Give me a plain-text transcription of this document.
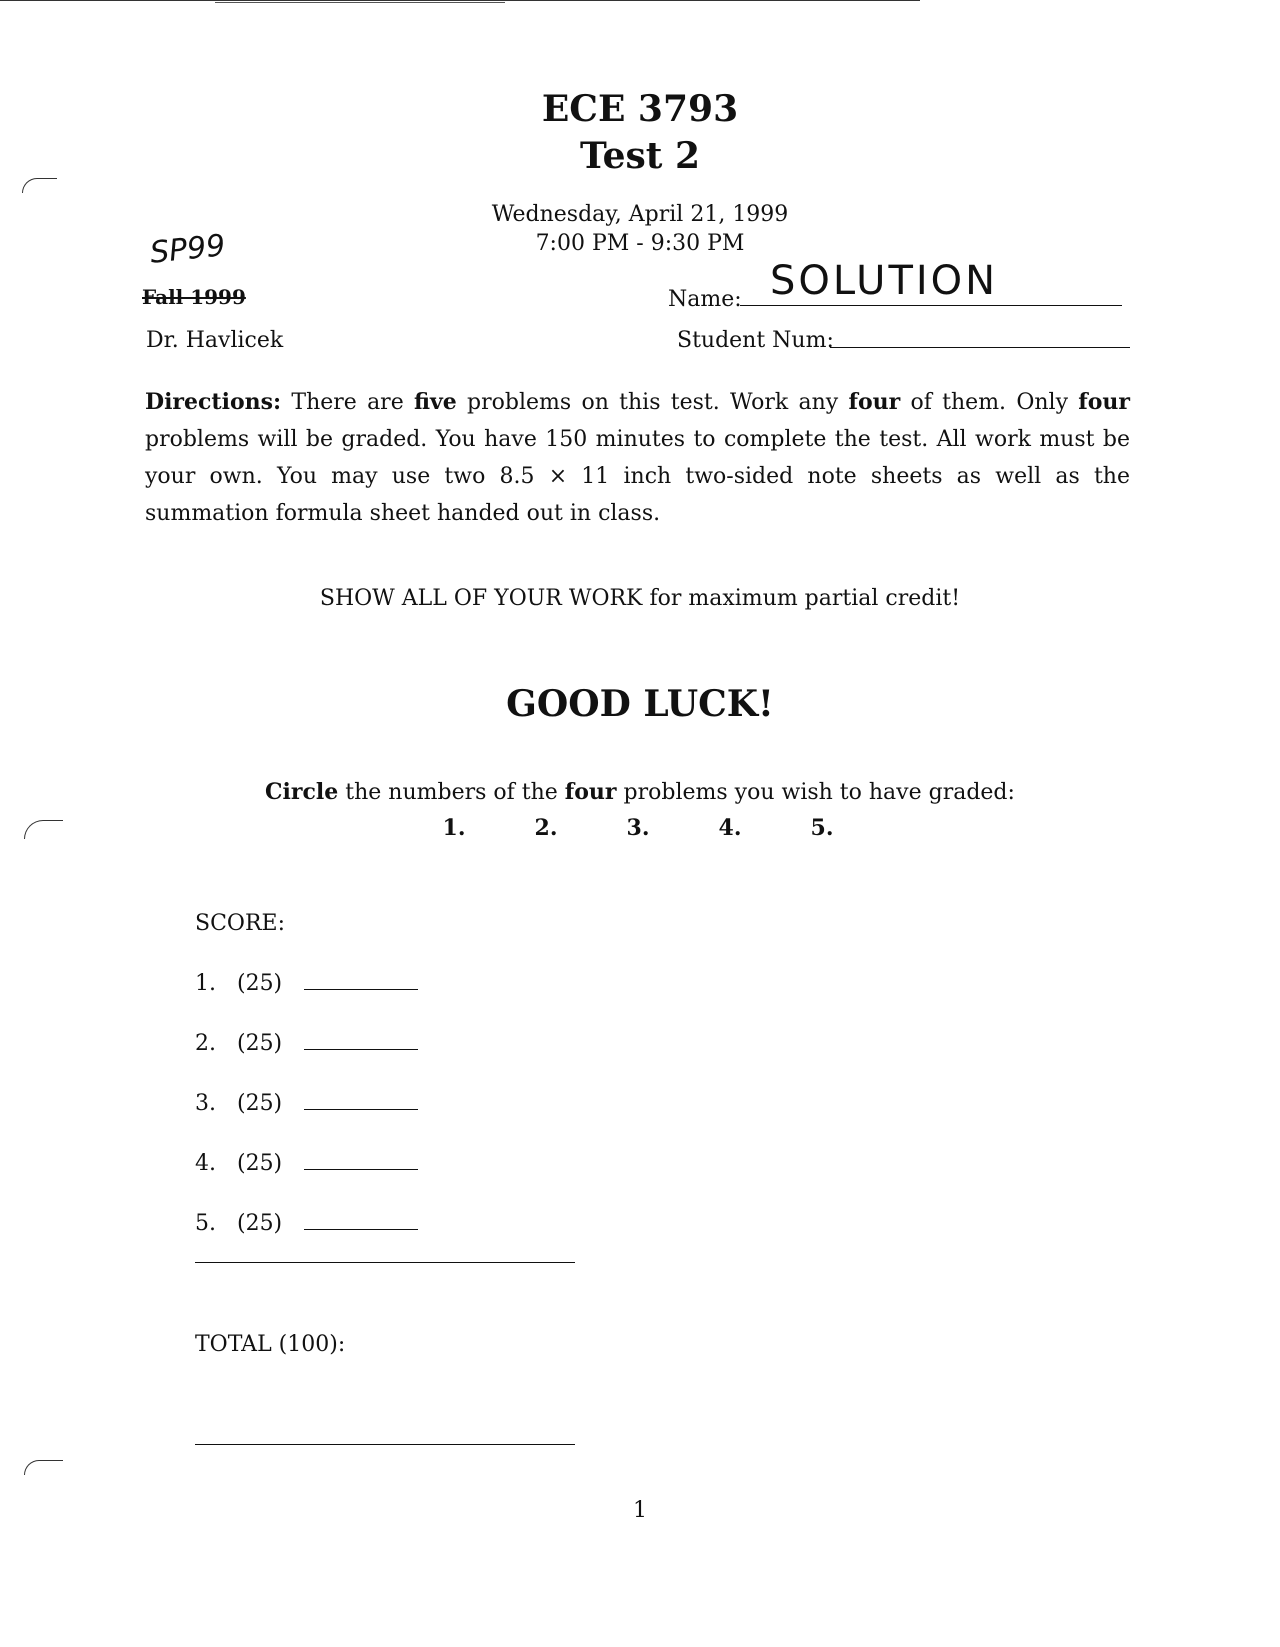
ECE 3793
Test 2
Wednesday, April 21, 1999
7:00 PM - 9:30 PM
SP99
Fall 1999
Dr. Havlicek
Name: SOLUTION
Student Num:
Directions: There are five problems on this test. Work any four of them. Only four problems will be graded. You have 150 minutes to complete the test. All work must be your own. You may use two 8.5 × 11 inch two-sided note sheets as well as the summation formula sheet handed out in class.
SHOW ALL OF YOUR WORK for maximum partial credit!
GOOD LUCK!
Circle the numbers of the four problems you wish to have graded:
1.	2.	3.	4.	5.
SCORE:
1. (25)
2. (25)
3. (25)
4. (25)
5. (25)
TOTAL (100):
1
